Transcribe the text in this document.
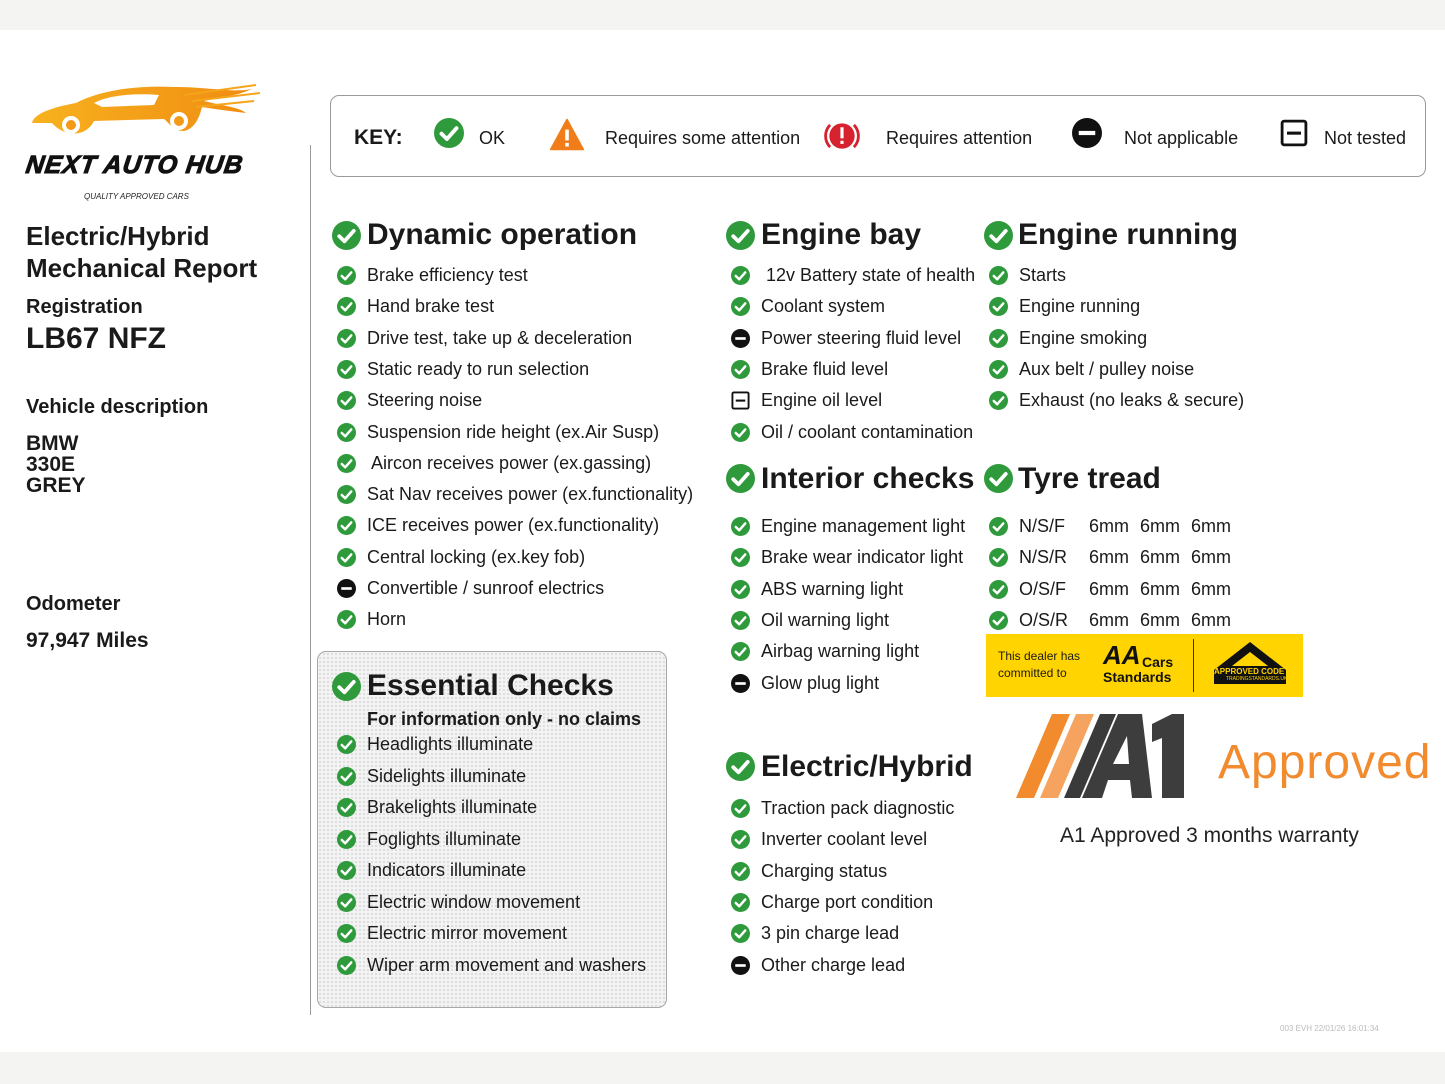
NEXT AUTO HUB
QUALITY APPROVED CARS
Electric/Hybrid
Mechanical Report
Registration
LB67 NFZ
Vehicle description
BMW
330E
GREY
Odometer
97,947 Miles
KEY:	OK	Requires some attention	Requires attention	Not applicable	Not tested
Dynamic operation
Essential Checks
For information only - no claims
Engine bay
Interior checks
Electric/Hybrid
Engine running
Tyre tread
Brake efficiency test
Hand brake test
Drive test, take up & deceleration
Static ready to run selection
Steering noise
Suspension ride height (ex.Air Susp)
Aircon receives power (ex.gassing)
Sat Nav receives power (ex.functionality)
ICE receives power (ex.functionality)
Central locking (ex.key fob)
Convertible / sunroof electrics
Horn
Headlights illuminate
Sidelights illuminate
Brakelights illuminate
Foglights illuminate
Indicators illuminate
Electric window movement
Electric mirror movement
Wiper arm movement and washers
12v Battery state of health
Coolant system
Power steering fluid level
Brake fluid level
Engine oil level
Oil / coolant contamination
Engine management light
Brake wear indicator light
ABS warning light
Oil warning light
Airbag warning light
Glow plug light
Traction pack diagnostic
Inverter coolant level
Charging status
Charge port condition
3 pin charge lead
Other charge lead
Starts
Engine running
Engine smoking
Aux belt / pulley noise
Exhaust (no leaks & secure)
N/S/F 6mm 6mm 6mm
N/S/R 6mm 6mm 6mm
O/S/F 6mm 6mm 6mm
O/S/R 6mm 6mm 6mm
This dealer has
committed to
AA Cars
Standards	APPROVED CODE
TRADINGSTANDARDS.UK
Approved
A1 Approved 3 months warranty
003 EVH 22/01/26 16:01:34
